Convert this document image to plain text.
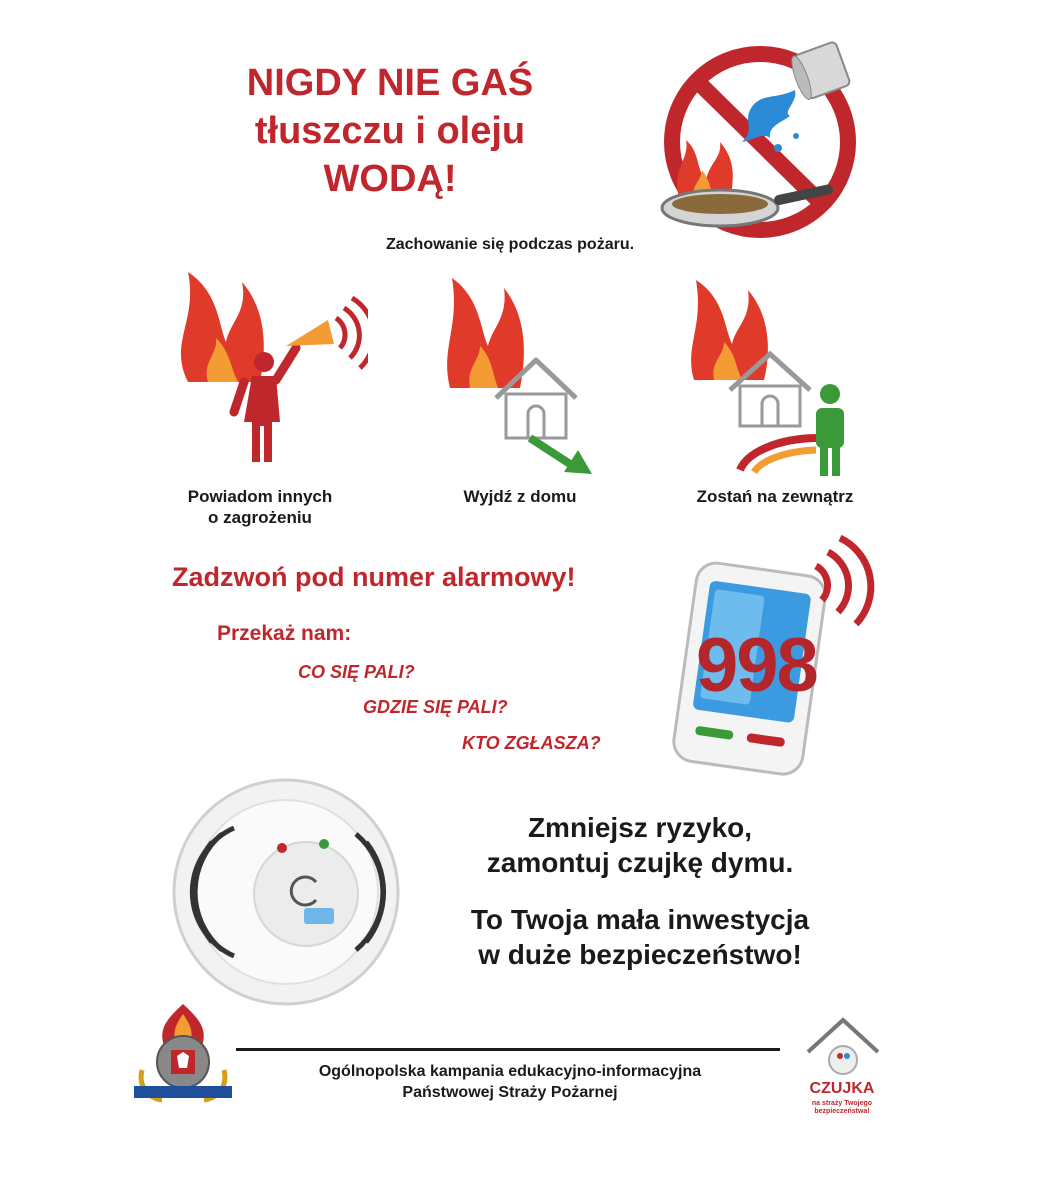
NIGDY NIE GAŚ
tłuszczu i oleju
WODĄ!
Zachowanie się podczas pożaru.
Powiadom innych
o zagrożeniu
Wyjdź z domu	Zostań na zewnątrz
Zadzwoń pod numer alarmowy!
Przekaż nam:
CO SIĘ PALI?
GDZIE SIĘ PALI?
KTO ZGŁASZA?
998
Zmniejsz ryzyko,
zamontuj czujkę dymu.
To Twoja mała inwestycja
w duże bezpieczeństwo!
Ogólnopolska kampania edukacyjno-informacyjna
Państwowej Straży Pożarnej	CZUJKA
na straży Twojego bezpieczeństwa!
